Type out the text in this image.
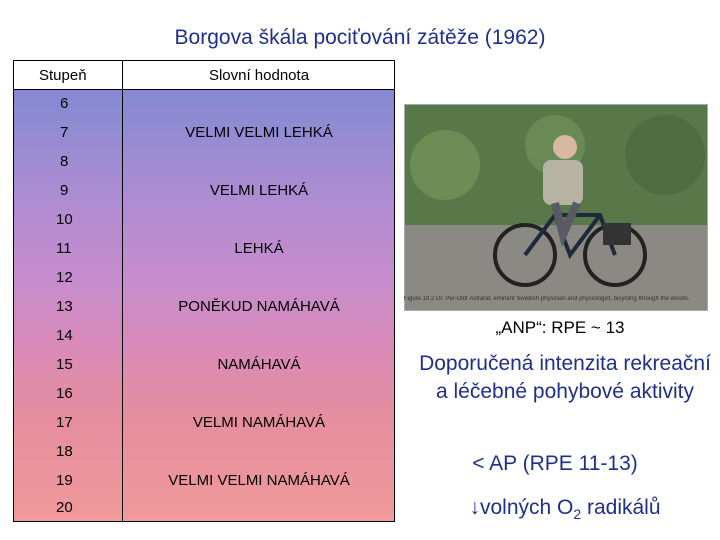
Borgova škála pociťování zátěže (1962)
Stupeň	Slovní hodnota
6
7	VELMI VELMI LEHKÁ
8
9	VELMI LEHKÁ
10
11	LEHKÁ
12
13	PONĚKUD NAMÁHAVÁ
14
15	NAMÁHAVÁ
16
17	VELMI NAMÁHAVÁ
18
19	VELMI VELMI NAMÁHAVÁ
20
Figure 19.2 Dr. Per-Olof Åstrand, eminent Swedish physician and physiologist, bicycling through the woods.
„ANP“: RPE ~ 13
Doporučená intenzita rekreační a léčebné pohybové aktivity
< AP (RPE 11-13)
↓volných $O_2$ radikálů
